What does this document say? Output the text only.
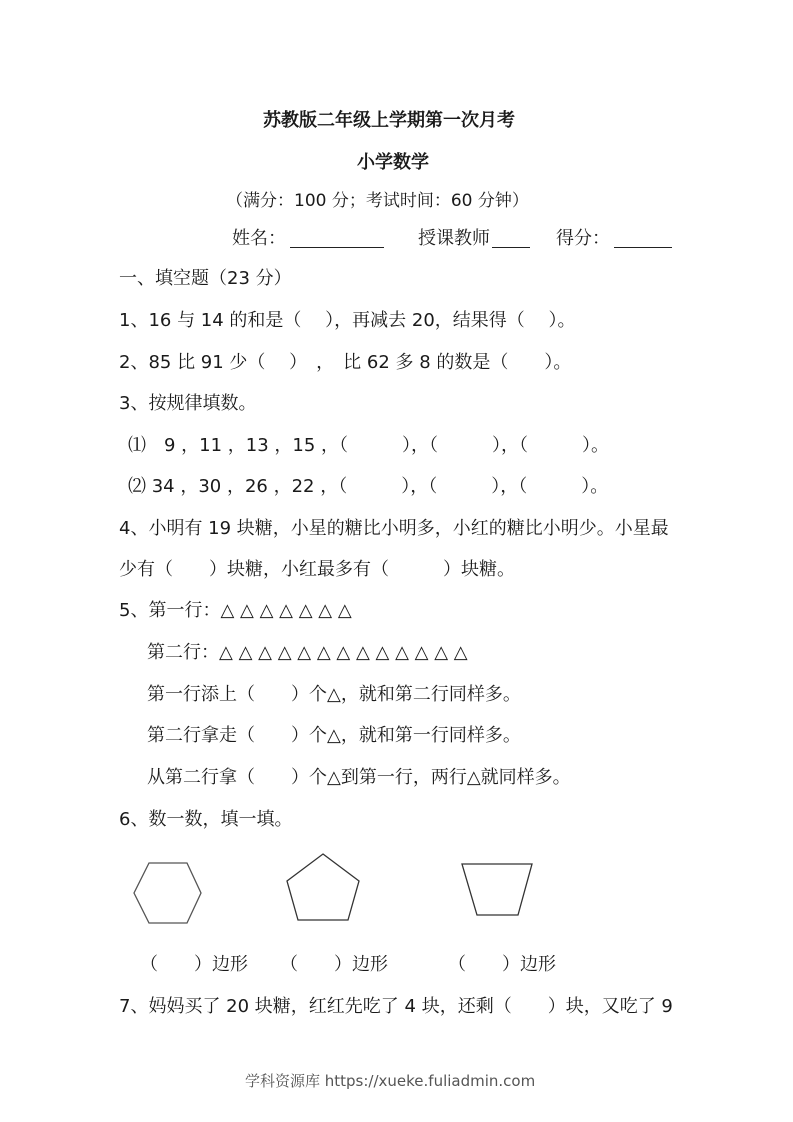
苏教版二年级上学期第一次月考
小学数学
（满分：100 分；考试时间：60 分钟）
姓名：	授课教师	得分：
一、填空题（23 分）
1、16 与 14 的和是（　 ），再减去 20，结果得（　 ）。
2、85 比 91 少（　 ）　，　比 62 多 8 的数是（　　）。
3、按规律填数。
⑴　9 ，11 ，13 ，15 ，（　　　），（　　　），（　　　）。
⑵ 34 ，30 ，26 ，22 ，（　　　），（　　　），（　　　）。
4、小明有 19 块糖，小星的糖比小明多，小红的糖比小明少。小星最
少有（　　）块糖，小红最多有（　　　）块糖。
5、第一行：△ △ △ △ △ △ △
第二行：△ △ △ △ △ △ △ △ △ △ △ △ △
第一行添上（　　）个△，就和第二行同样多。
第二行拿走（　　）个△，就和第一行同样多。
从第二行拿（　　）个△到第一行，两行△就同样多。
6、数一数，填一填。
（　　）边形 （　　）边形	（　　）边形
7、妈妈买了 20 块糖，红红先吃了 4 块，还剩（　　）块，又吃了 9
学科资源库 https://xueke.fuliadmin.com
